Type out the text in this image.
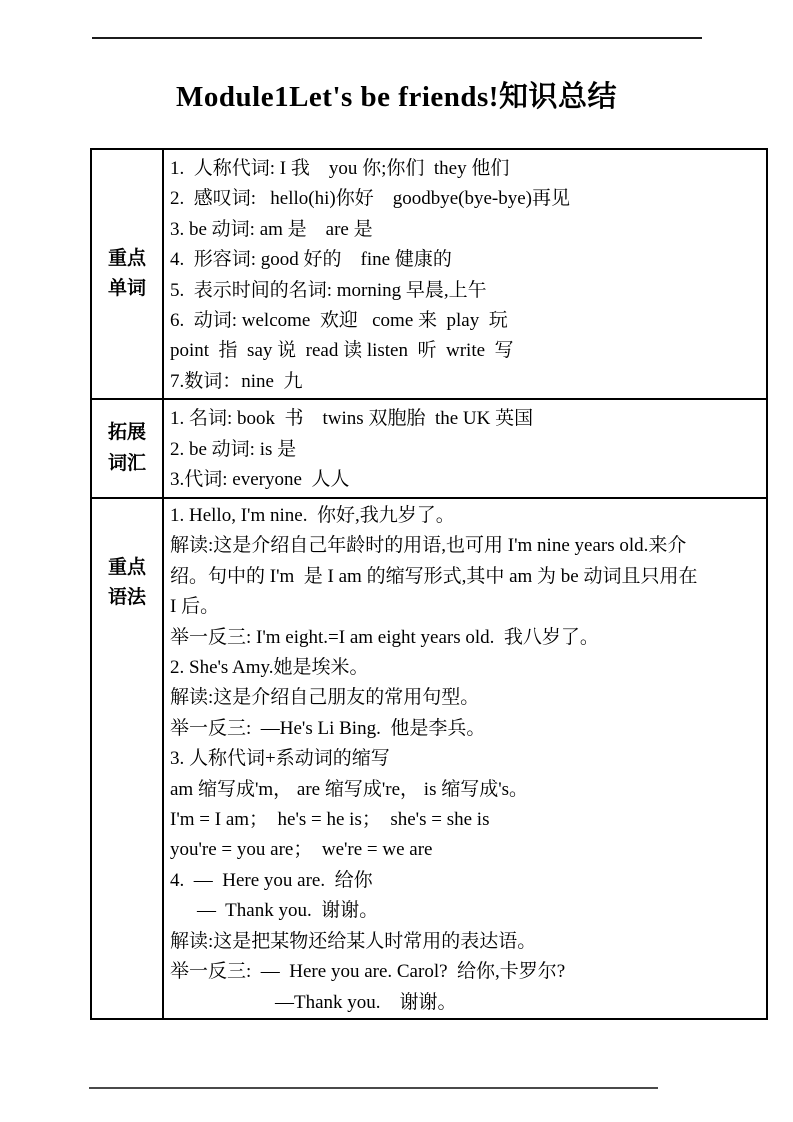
Module1Let's be friends!知识总结
重点
单词

1.  人称代词: I 我    you 你;你们  they 他们
2.  感叹词:   hello(hi)你好    goodbye(bye-bye)再见
3. be 动词: am 是    are 是
4.  形容词: good 好的    fine 健康的
5.  表示时间的名词: morning 早晨,上午
6.  动词: welcome  欢迎   come 来  play  玩
point  指  say 说  read 读 listen  听  write  写
7.数词：nine  九

拓展
词汇

1. 名词: book  书    twins 双胞胎  the UK 英国
2. be 动词: is 是
3.代词: everyone  人人

重点
语法

1. Hello, I'm nine.  你好,我九岁了。
解读:这是介绍自己年龄时的用语,也可用 I'm nine years old.来介
绍。句中的 I'm  是 I am 的缩写形式,其中 am 为 be 动词且只用在
I 后。
举一反三: I'm eight.=I am eight years old.  我八岁了。
2. She's Amy.她是埃米。
解读:这是介绍自己朋友的常用句型。
举一反三:  —He's Li Bing.  他是李兵。
3. 人称代词+系动词的缩写
am 缩写成'm， are 缩写成're， is 缩写成's。
I'm = I am；  he's = he is；  she's = she is
you're = you are；  we're = we are
4.  —  Here you are.  给你
—  Thank you.  谢谢。
解读:这是把某物还给某人时常用的表达语。
举一反三:  —  Here you are. Carol?  给你,卡罗尔?
—Thank you.    谢谢。
